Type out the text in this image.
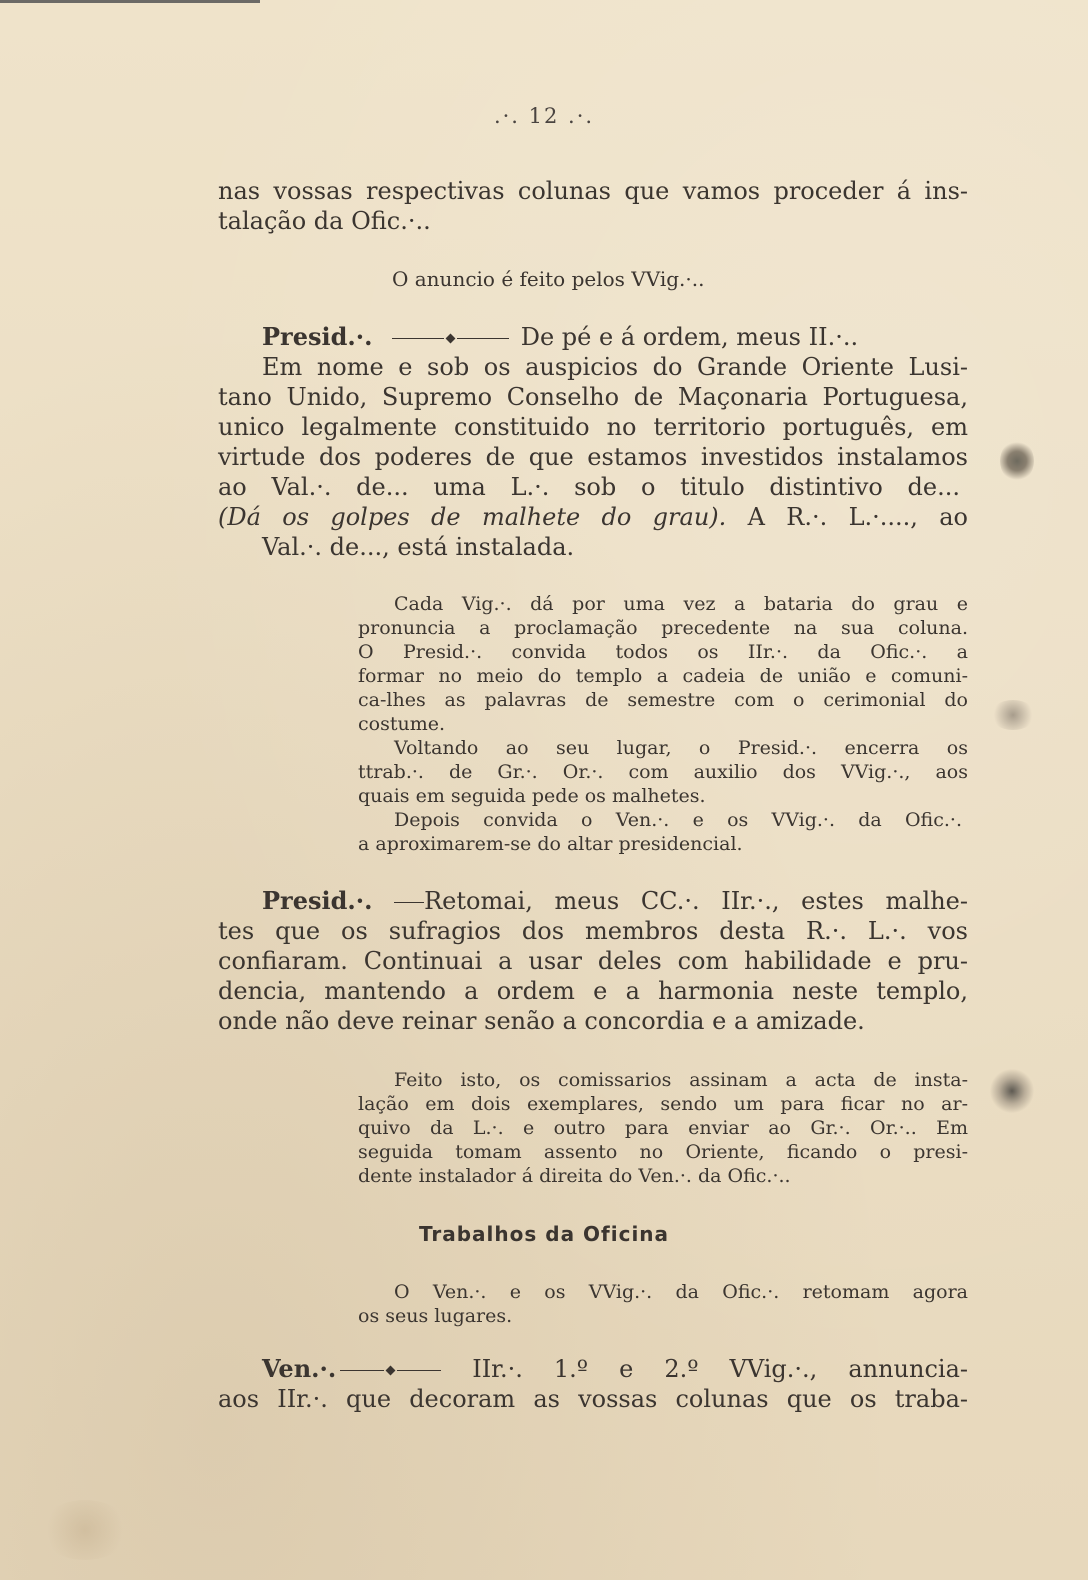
.·. 12 .·.
nas vossas respectivas colunas que vamos proceder á ins-
talação da Ofic.·..
O anuncio é feito pelos VVig.·..
Presid.·.	De pé e á ordem, meus II.·..
Em nome e sob os auspicios do Grande Oriente Lusi-
tano Unido, Supremo Conselho de Maçonaria Portuguesa,
unico legalmente constituido no territorio português, em
virtude dos poderes de que estamos investidos instalamos
ao Val.·. de... uma L.·. sob o titulo distintivo de...
(Dá os golpes de malhete do grau). A R.·. L.·...., ao
Val.·. de..., está instalada.
Cada Vig.·. dá por uma vez a bataria do grau e
pronuncia a proclamação precedente na sua coluna.
O Presid.·. convida todos os IIr.·. da Ofic.·. a
formar no meio do templo a cadeia de união e comuni-
ca-lhes as palavras de semestre com o cerimonial do
costume.
Voltando ao seu lugar, o Presid.·. encerra os
ttrab.·. de Gr.·. Or.·. com auxilio dos VVig.·., aos
quais em seguida pede os malhetes.
Depois convida o Ven.·. e os VVig.·. da Ofic.·.
a aproximarem-se do altar presidencial.
Presid.·. Retomai, meus CC.·. IIr.·., estes malhe-
tes que os sufragios dos membros desta R.·. L.·. vos
confiaram. Continuai a usar deles com habilidade e pru-
dencia, mantendo a ordem e a harmonia neste templo,
onde não deve reinar senão a concordia e a amizade.
Feito isto, os comissarios assinam a acta de insta-
lação em dois exemplares, sendo um para ficar no ar-
quivo da L.·. e outro para enviar ao Gr.·. Or.·.. Em
seguida tomam assento no Oriente, ficando o presi-
dente instalador á direita do Ven.·. da Ofic.·..
Trabalhos da Oficina
O Ven.·. e os VVig.·. da Ofic.·. retomam agora
os seus lugares.
Ven.·.	IIr.·. 1.º e 2.º VVig.·., annuncia-
aos IIr.·. que decoram as vossas colunas que os traba-
